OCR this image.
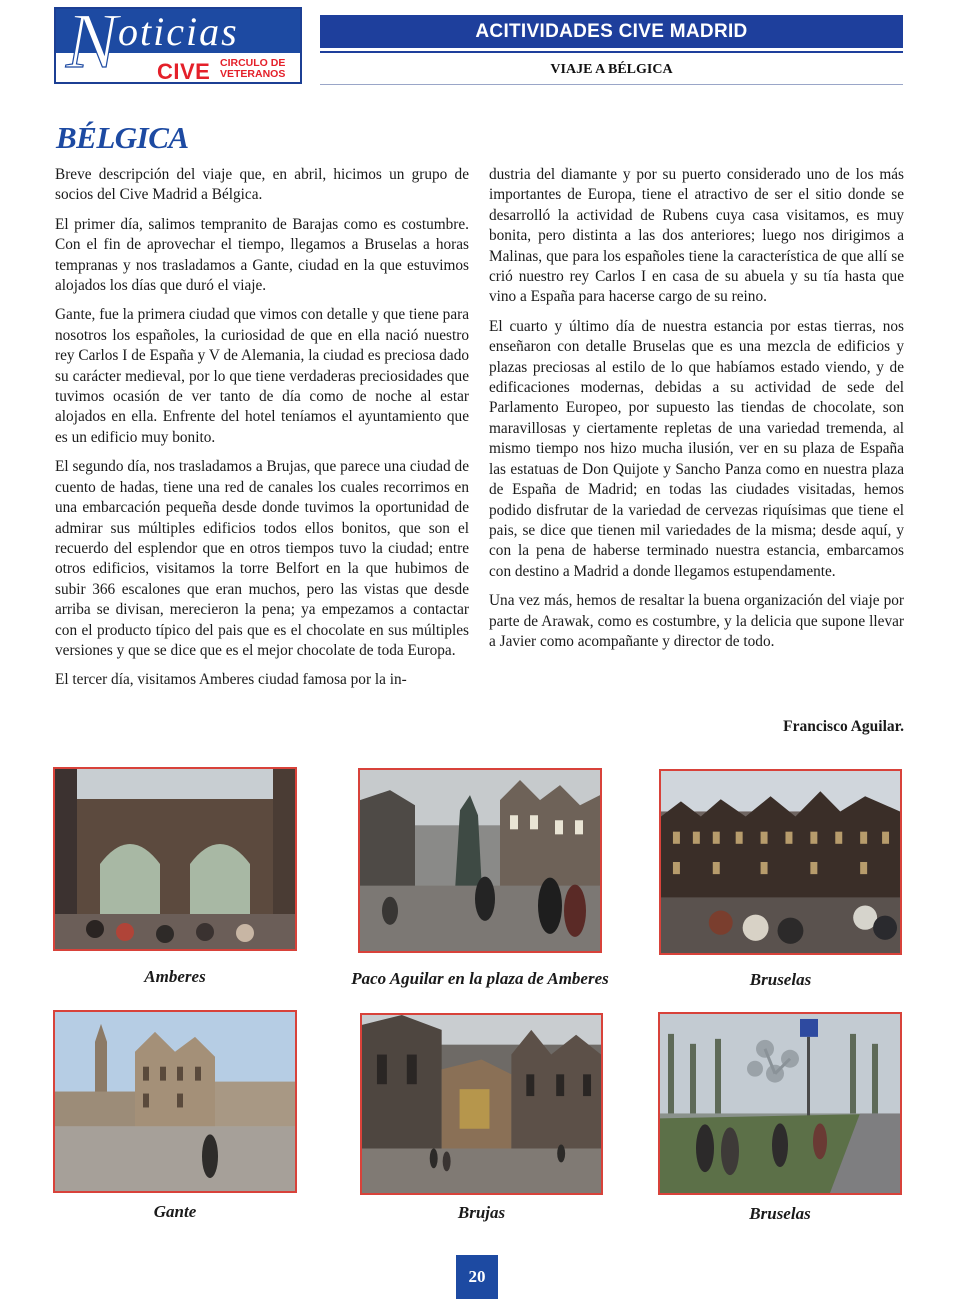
N oticias
CIVE CIRCULO DE
VETERANOS
ACITIVIDADES CIVE MADRID
VIAJE A BÉLGICA
BÉLGICA

Breve descripción del viaje que, en abril, hicimos un grupo de socios del Cive Madrid a Bélgica.

El primer día, salimos tempranito de Barajas como es costumbre. Con el fin de aprovechar el tiempo, llegamos a Bruselas a horas tempranas y nos trasladamos a Gante, ciudad en la que estuvimos alojados los días que duró el viaje.

Gante, fue la primera ciudad que vimos con detalle y que tiene para nosotros los españoles, la curiosidad de que en ella nació nuestro rey Carlos I de España y V de Alemania, la ciudad es preciosa dado su carácter medieval, por lo que tiene verdaderas preciosidades que tuvimos ocasión de ver tanto de día como de noche al estar alojados en ella. Enfrente del hotel teníamos el ayuntamiento que es un edificio muy bonito.

El segundo día, nos trasladamos a Brujas, que parece una ciudad de cuento de hadas, tiene una red de canales los cuales recorrimos en una embarcación pequeña desde donde tuvimos la oportunidad de admirar sus múltiples edificios todos ellos bonitos, que son el recuerdo del esplendor que en otros tiempos tuvo la ciudad; entre otros edificios, visitamos la torre Belfort en la que hubimos de subir 366 escalones que eran muchos, pero las vistas que desde arriba se divisan, merecieron la pena; ya empezamos a contactar con el producto típico del pais que es el chocolate en sus múltiples versiones y que se dice que es el mejor chocolate de toda Europa.

El tercer día, visitamos Amberes ciudad famosa por la in-

dustria del diamante y por su puerto considerado uno de los más importantes de Europa, tiene el atractivo de ser el sitio donde se desarrolló la actividad de Rubens cuya casa visitamos, es muy bonita, pero distinta a las dos anteriores; luego nos dirigimos a Malinas, que para los españoles tiene la característica de que allí se crió nuestro rey Carlos I en casa de su abuela y su tía hasta que vino a España para hacerse cargo de su reino.

El cuarto y último día de nuestra estancia por estas tierras, nos enseñaron con detalle Bruselas que es una mezcla de edificios y plazas preciosas al estilo de lo que habíamos estado viendo, y de edificaciones modernas, debidas a su actividad de sede del Parlamento Europeo, por supuesto las tiendas de chocolate, son maravillosas y ciertamente repletas de una variedad tremenda, al mismo tiempo nos hizo mucha ilusión, ver en su plaza de España las estatuas de Don Quijote y Sancho Panza como en nuestra plaza de España de Madrid; en todas las ciudades visitadas, hemos podido disfrutar de la variedad de cervezas riquísimas que tiene el pais, se dice que tienen mil variedades de la misma; desde aquí, y con la pena de haberse terminado nuestra estancia, embarcamos con destino a Madrid a donde llegamos estupendamente.

Una vez más, hemos de resaltar la buena organización del viaje por parte de Arawak, como es costumbre, y la delicia que supone llevar a Javier como acompañante y director de todo.

Francisco Aguilar.
Amberes	Paco Aguilar en la plaza de Amberes	Bruselas
Gante	Brujas	Bruselas
20
